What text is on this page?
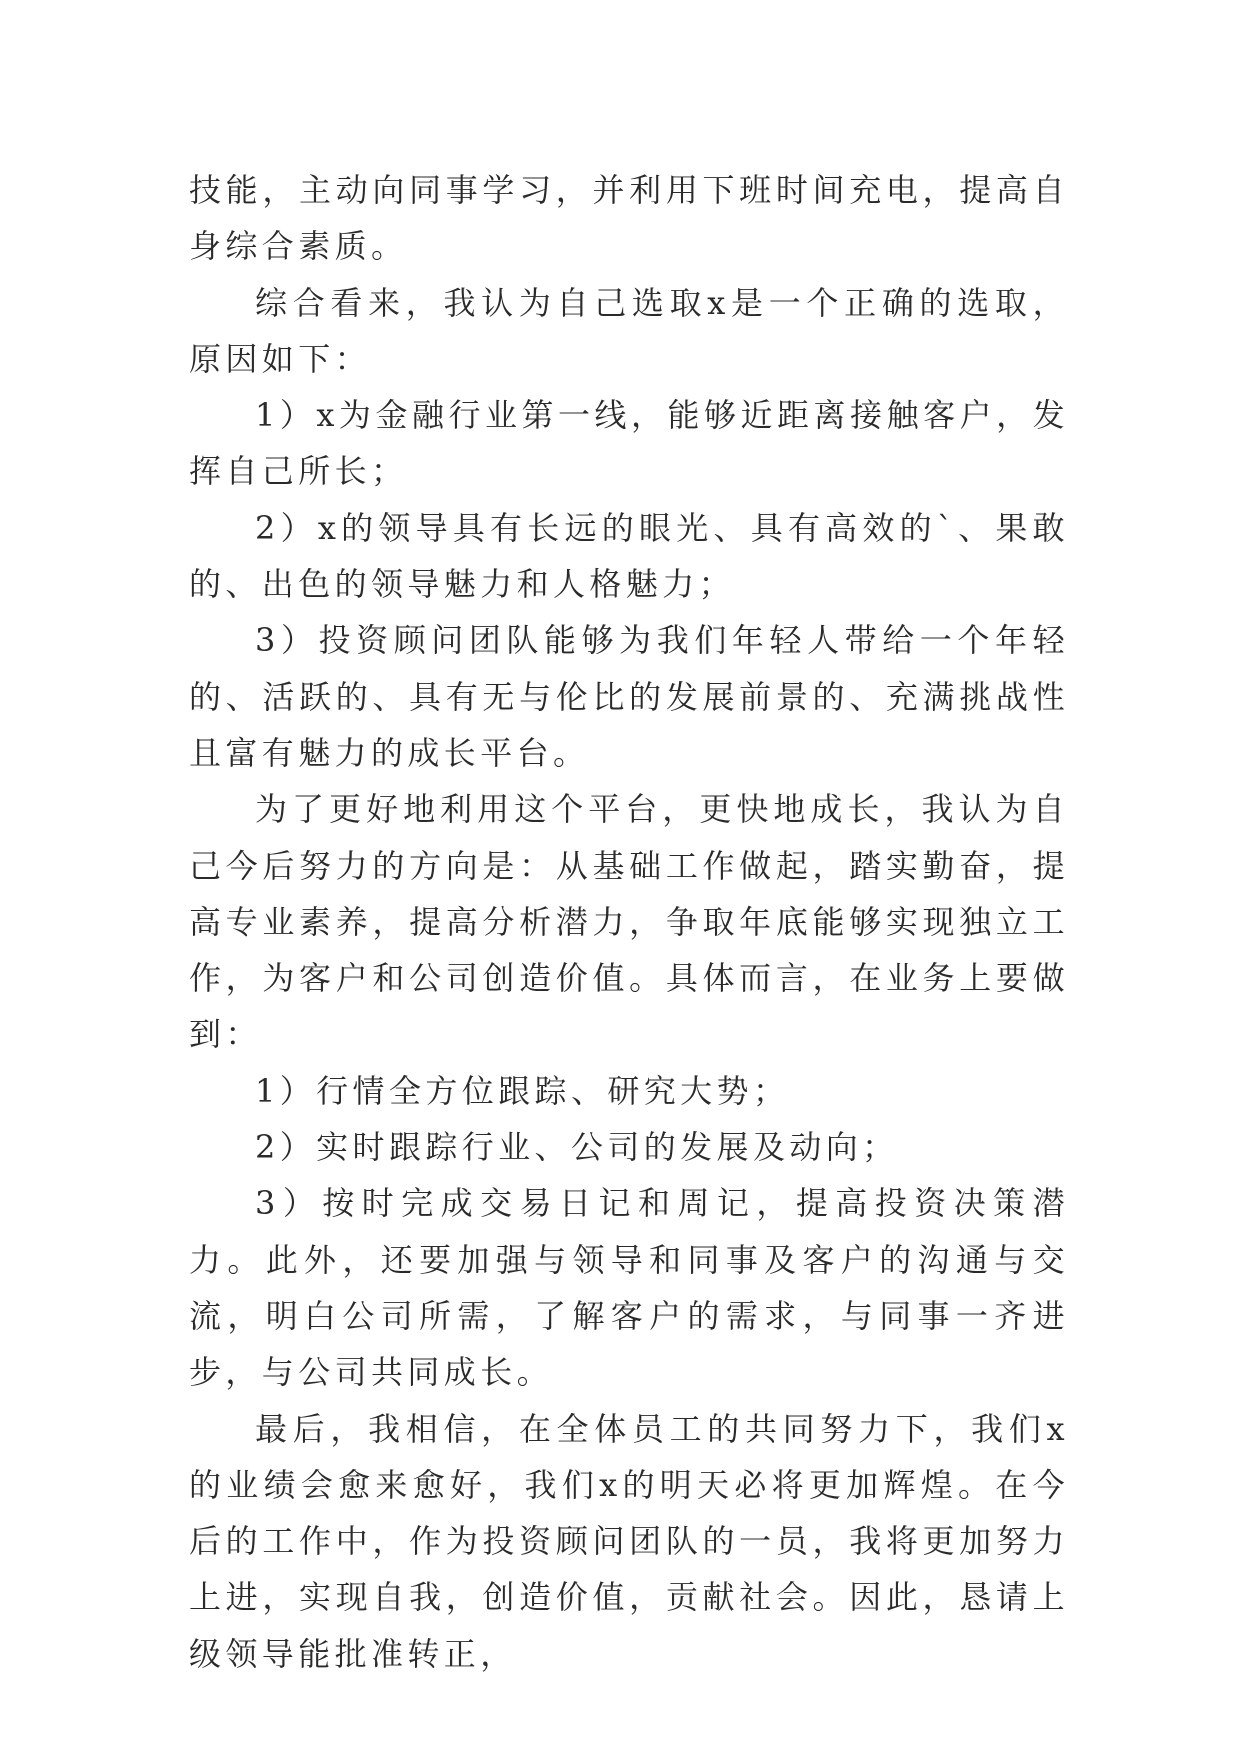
技能，主动向同事学习，并利用下班时间充电，提高自身综合素质。

综合看来，我认为自己选取x是一个正确的选取，原因如下：

1）x为金融行业第一线，能够近距离接触客户，发挥自己所长；

2）x的领导具有长远的眼光、具有高效的`、果敢的、出色的领导魅力和人格魅力；

3）投资顾问团队能够为我们年轻人带给一个年轻的、活跃的、具有无与伦比的发展前景的、充满挑战性且富有魅力的成长平台。

为了更好地利用这个平台，更快地成长，我认为自己今后努力的方向是：从基础工作做起，踏实勤奋，提高专业素养，提高分析潜力，争取年底能够实现独立工作，为客户和公司创造价值。具体而言，在业务上要做到：

1）行情全方位跟踪、研究大势；

2）实时跟踪行业、公司的发展及动向；

3）按时完成交易日记和周记，提高投资决策潜力。此外，还要加强与领导和同事及客户的沟通与交流，明白公司所需，了解客户的需求，与同事一齐进步，与公司共同成长。

最后，我相信，在全体员工的共同努力下，我们x的业绩会愈来愈好，我们x的明天必将更加辉煌。在今后的工作中，作为投资顾问团队的一员，我将更加努力上进，实现自我，创造价值，贡献社会。因此，恳请上级领导能批准转正，
